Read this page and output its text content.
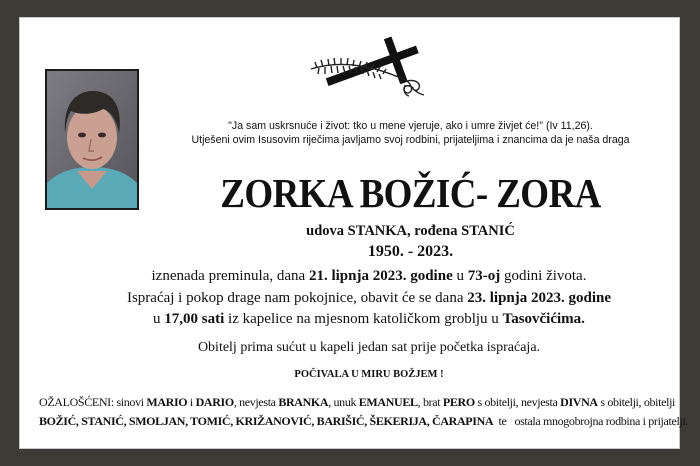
"Ja sam uskrsnuće i život: tko u mene vjeruje, ako i umre živjet će!" (Iv 11,26).
Utješeni ovim Isusovim riječima javljamo svoj rodbini, prijateljima i znancima da je naša draga
ZORKA BOŽIĆ- ZORA
udova STANKA, rođena STANIĆ
1950. - 2023.
iznenada preminula, dana 21. lipnja 2023. godine u 73-oj godini života.
Ispraćaj i pokop drage nam pokojnice, obavit će se dana 23. lipnja 2023. godine
u 17,00 sati iz kapelice na mjesnom katoličkom groblju u Tasovčićima.
Obitelj prima sućut u kapeli jedan sat prije početka ispraćaja.
POČIVALA U MIRU BOŽJEM !
OŽALOŠĆENI: sinovi MARIO i DARIO, nevjesta BRANKA, unuk EMANUEL, brat PERO s obitelji, nevjesta DIVNA s obitelji, obitelji
BOŽIĆ, STANIĆ, SMOLJAN, TOMIĆ, KRIŽANOVIĆ, BARIŠIĆ, ŠEKERIJA, ČARAPINA  te   ostala mnogobrojna rodbina i prijatelji.
